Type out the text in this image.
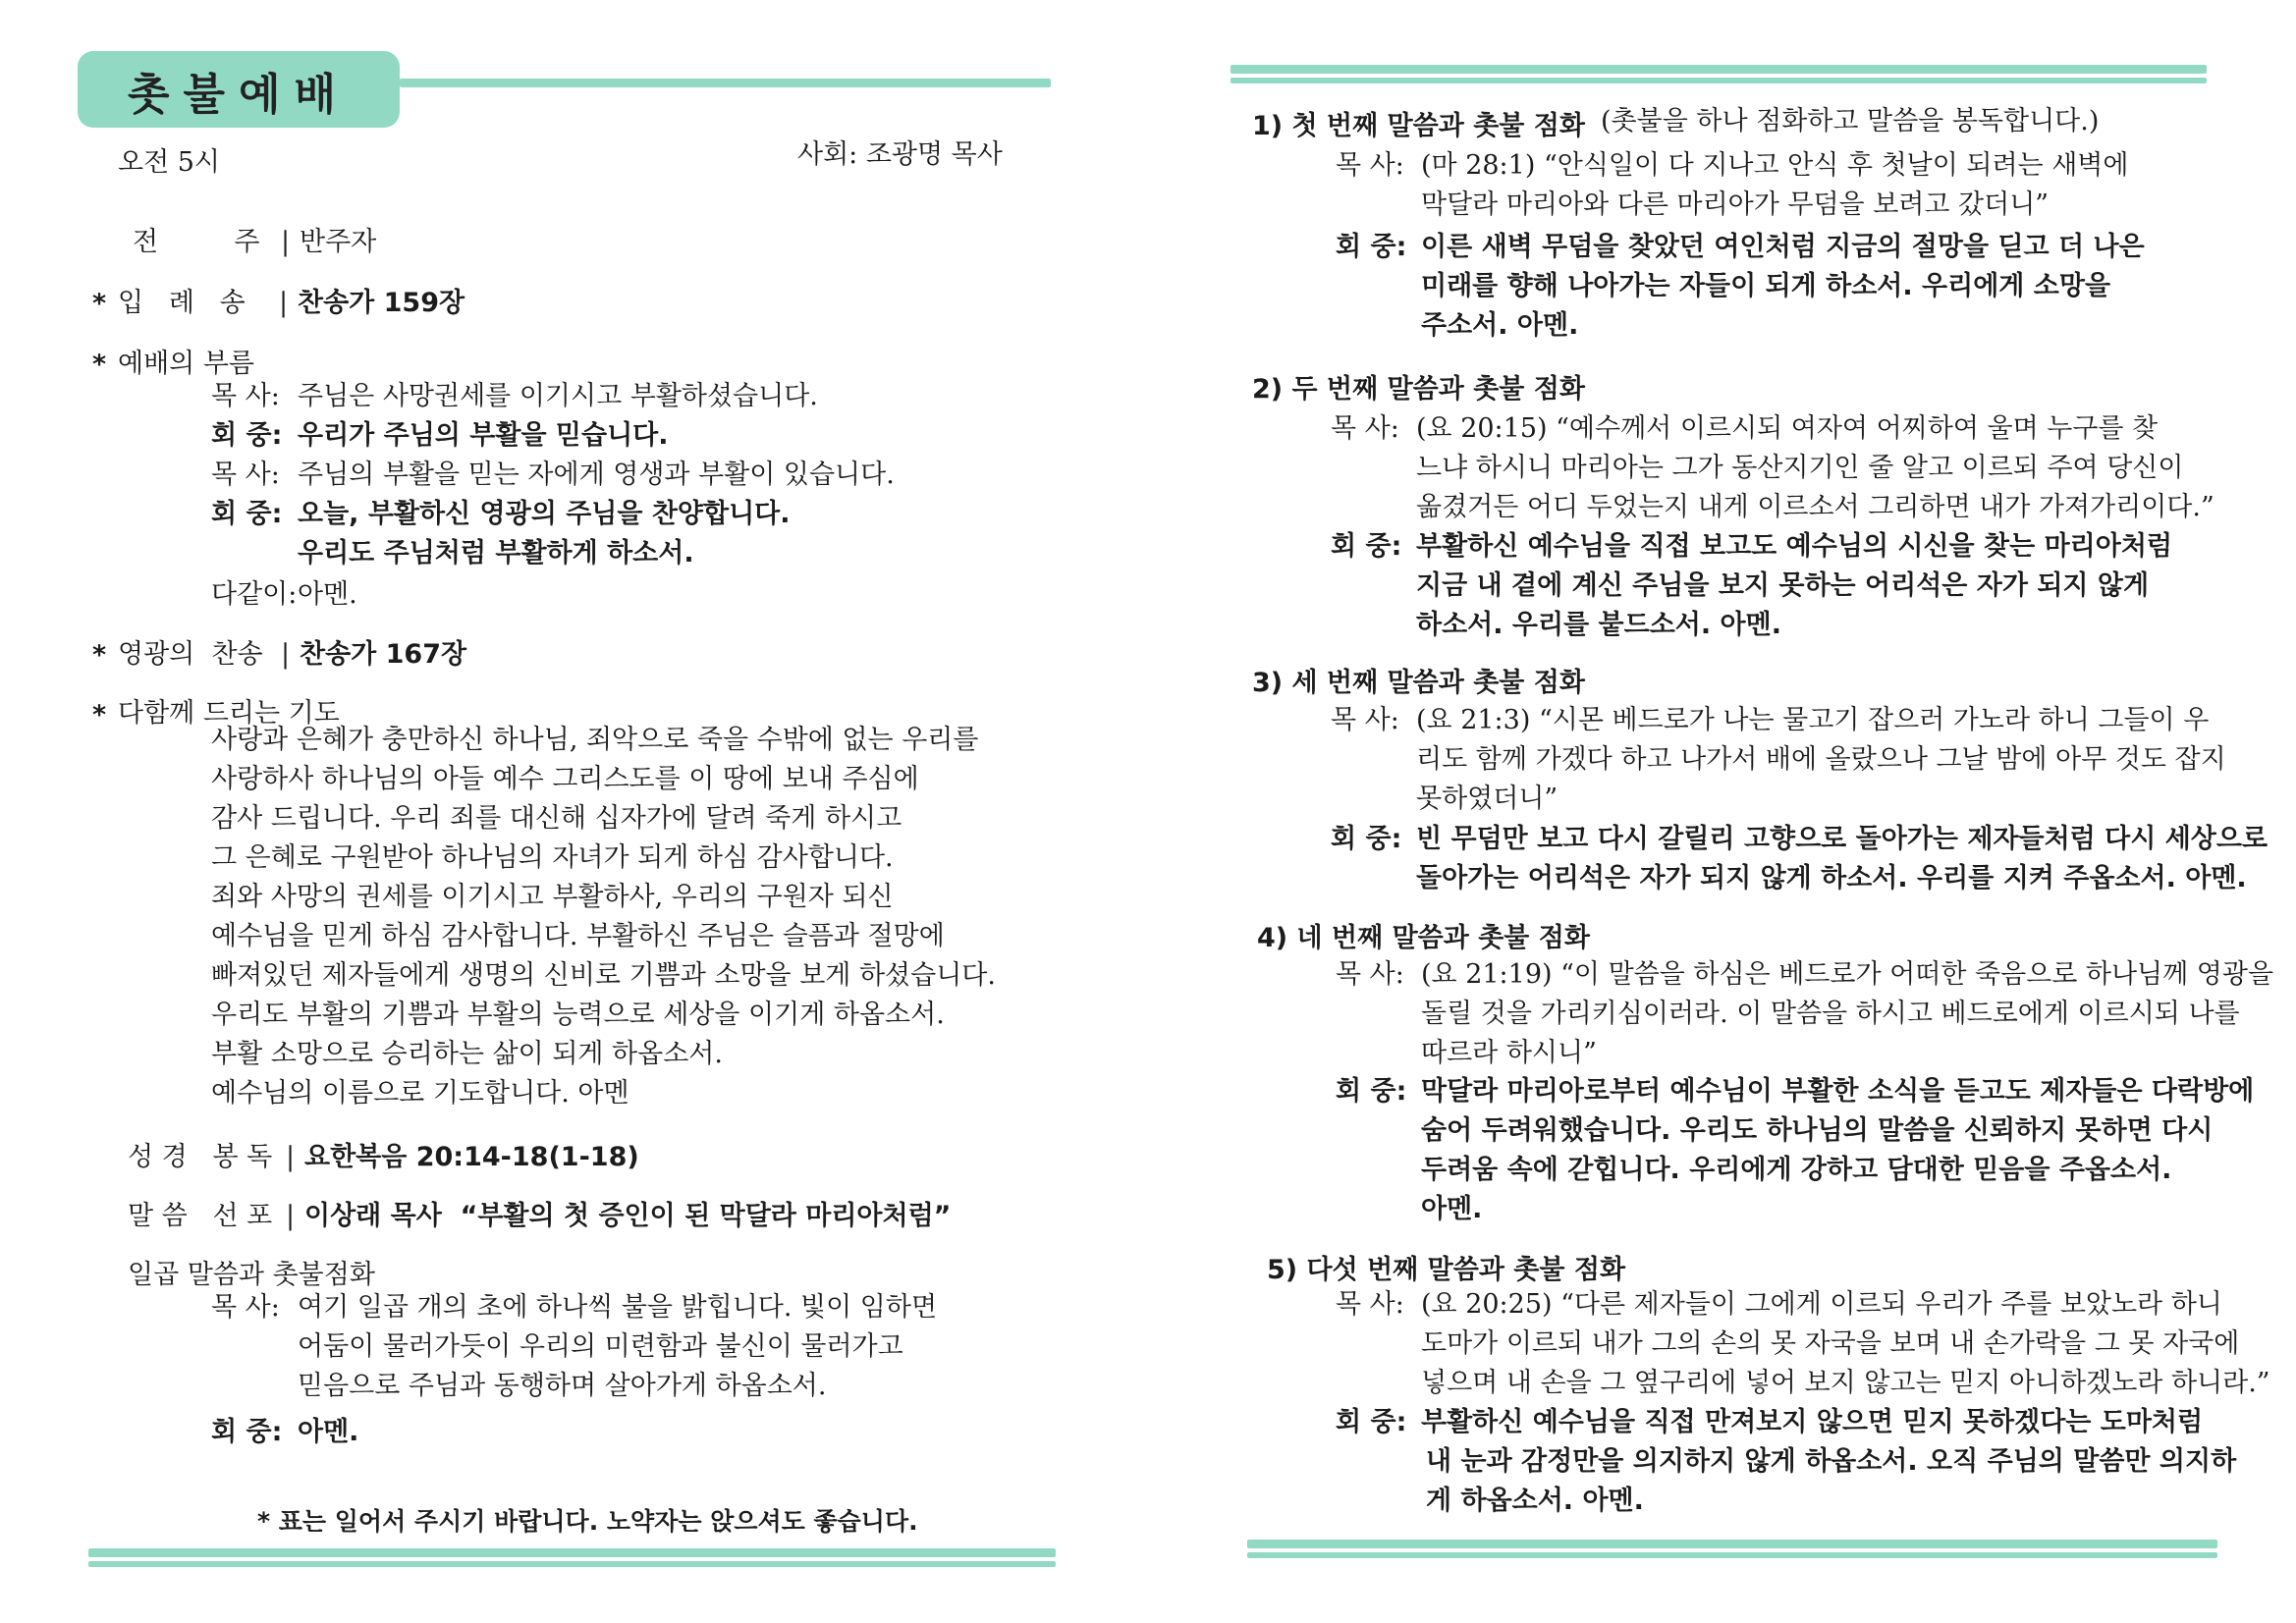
촛불예배
오전 5시	사회: 조광명 목사
전         주 | 반주자
* 입   례   송 | 찬송가 159장
* 예배의 부름
목 사: 주님은 사망권세를 이기시고 부활하셨습니다.
회 중: 우리가 주님의 부활을 믿습니다.
목 사: 주님의 부활을 믿는 자에게 영생과 부활이 있습니다.
회 중: 오늘, 부활하신 영광의 주님을 찬양합니다.
우리도 주님처럼 부활하게 하소서.
다같이: 아멘.
* 영광의  찬송 | 찬송가 167장
* 다함께 드리는 기도
사랑과 은혜가 충만하신 하나님, 죄악으로 죽을 수밖에 없는 우리를
사랑하사 하나님의 아들 예수 그리스도를 이 땅에 보내 주심에
감사 드립니다. 우리 죄를 대신해 십자가에 달려 죽게 하시고
그 은혜로 구원받아 하나님의 자녀가 되게 하심 감사합니다.
죄와 사망의 권세를 이기시고 부활하사, 우리의 구원자 되신
예수님을 믿게 하심 감사합니다. 부활하신 주님은 슬픔과 절망에
빠져있던 제자들에게 생명의 신비로 기쁨과 소망을 보게 하셨습니다.
우리도 부활의 기쁨과 부활의 능력으로 세상을 이기게 하옵소서.
부활 소망으로 승리하는 삶이 되게 하옵소서.
예수님의 이름으로 기도합니다. 아멘
성 경   봉 독 | 요한복음 20:14-18(1-18)
말 씀   선 포 | 이상래 목사  “부활의 첫 증인이 된 막달라 마리아처럼”
일곱 말씀과 촛불점화
목 사: 여기 일곱 개의 초에 하나씩 불을 밝힙니다. 빛이 임하면
어둠이 물러가듯이 우리의 미련함과 불신이 물러가고
믿음으로 주님과 동행하며 살아가게 하옵소서.
회 중: 아멘.
* 표는 일어서 주시기 바랍니다. 노약자는 앉으셔도 좋습니다.
1) 첫 번째 말씀과 촛불 점화 (촛불을 하나 점화하고 말씀을 봉독합니다.)
목 사: (마 28:1) “안식일이 다 지나고 안식 후 첫날이 되려는 새벽에
막달라 마리아와 다른 마리아가 무덤을 보려고 갔더니”
회 중: 이른 새벽 무덤을 찾았던 여인처럼 지금의 절망을 딛고 더 나은
미래를 향해 나아가는 자들이 되게 하소서. 우리에게 소망을
주소서. 아멘.
2) 두 번째 말씀과 촛불 점화
목 사: (요 20:15) “예수께서 이르시되 여자여 어찌하여 울며 누구를 찾
느냐 하시니 마리아는 그가 동산지기인 줄 알고 이르되 주여 당신이
옮겼거든 어디 두었는지 내게 이르소서 그리하면 내가 가져가리이다.”
회 중: 부활하신 예수님을 직접 보고도 예수님의 시신을 찾는 마리아처럼
지금 내 곁에 계신 주님을 보지 못하는 어리석은 자가 되지 않게
하소서. 우리를 붙드소서. 아멘.
3) 세 번째 말씀과 촛불 점화
목 사: (요 21:3) “시몬 베드로가 나는 물고기 잡으러 가노라 하니 그들이 우
리도 함께 가겠다 하고 나가서 배에 올랐으나 그날 밤에 아무 것도 잡지
못하였더니”
회 중: 빈 무덤만 보고 다시 갈릴리 고향으로 돌아가는 제자들처럼 다시 세상으로
돌아가는 어리석은 자가 되지 않게 하소서. 우리를 지켜 주옵소서. 아멘.
4) 네 번째 말씀과 촛불 점화
목 사: (요 21:19) “이 말씀을 하심은 베드로가 어떠한 죽음으로 하나님께 영광을
돌릴 것을 가리키심이러라. 이 말씀을 하시고 베드로에게 이르시되 나를
따르라 하시니”
회 중: 막달라 마리아로부터 예수님이 부활한 소식을 듣고도 제자들은 다락방에
숨어 두려워했습니다. 우리도 하나님의 말씀을 신뢰하지 못하면 다시
두려움 속에 갇힙니다. 우리에게 강하고 담대한 믿음을 주옵소서.
아멘.
5) 다섯 번째 말씀과 촛불 점화
목 사: (요 20:25) “다른 제자들이 그에게 이르되 우리가 주를 보았노라 하니
도마가 이르되 내가 그의 손의 못 자국을 보며 내 손가락을 그 못 자국에
넣으며 내 손을 그 옆구리에 넣어 보지 않고는 믿지 아니하겠노라 하니라.”
회 중: 부활하신 예수님을 직접 만져보지 않으면 믿지 못하겠다는 도마처럼
내 눈과 감정만을 의지하지 않게 하옵소서. 오직 주님의 말씀만 의지하
게 하옵소서. 아멘.
